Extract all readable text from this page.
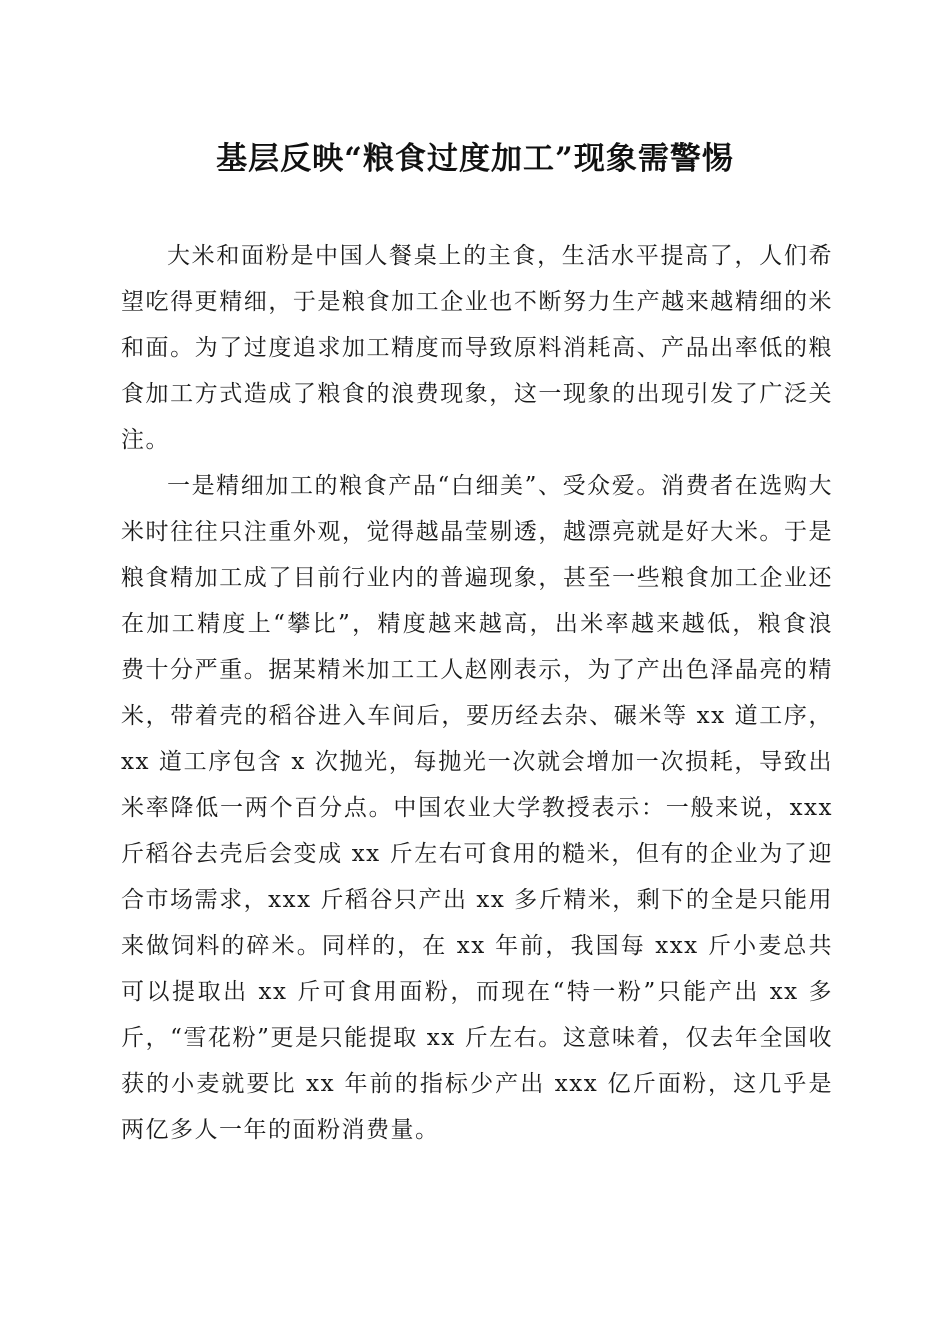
基层反映“粮食过度加工”现象需警惕

大米和面粉是中国人餐桌上的主食，生活水平提高了，人们希望吃得更精细，于是粮食加工企业也不断努力生产越来越精细的米和面。为了过度追求加工精度而导致原料消耗高、产品出率低的粮食加工方式造成了粮食的浪费现象，这一现象的出现引发了广泛关注。

一是精细加工的粮食产品“白细美”、受众爱。消费者在选购大米时往往只注重外观，觉得越晶莹剔透，越漂亮就是好大米。于是粮食精加工成了目前行业内的普遍现象，甚至一些粮食加工企业还在加工精度上“攀比”，精度越来越高，出米率越来越低，粮食浪费十分严重。据某精米加工工人赵刚表示，为了产出色泽晶亮的精米，带着壳的稻谷进入车间后，要历经去杂、碾米等 xx 道工序，xx 道工序包含 x 次抛光，每抛光一次就会增加一次损耗，导致出米率降低一两个百分点。中国农业大学教授表示：一般来说，xxx 斤稻谷去壳后会变成 xx 斤左右可食用的糙米，但有的企业为了迎合市场需求，xxx 斤稻谷只产出 xx 多斤精米，剩下的全是只能用来做饲料的碎米。同样的，在 xx 年前，我国每 xxx 斤小麦总共可以提取出 xx 斤可食用面粉，而现在“特一粉”只能产出 xx 多斤，“雪花粉”更是只能提取 xx 斤左右。这意味着，仅去年全国收获的小麦就要比 xx 年前的指标少产出 xxx 亿斤面粉，这几乎是两亿多人一年的面粉消费量。
